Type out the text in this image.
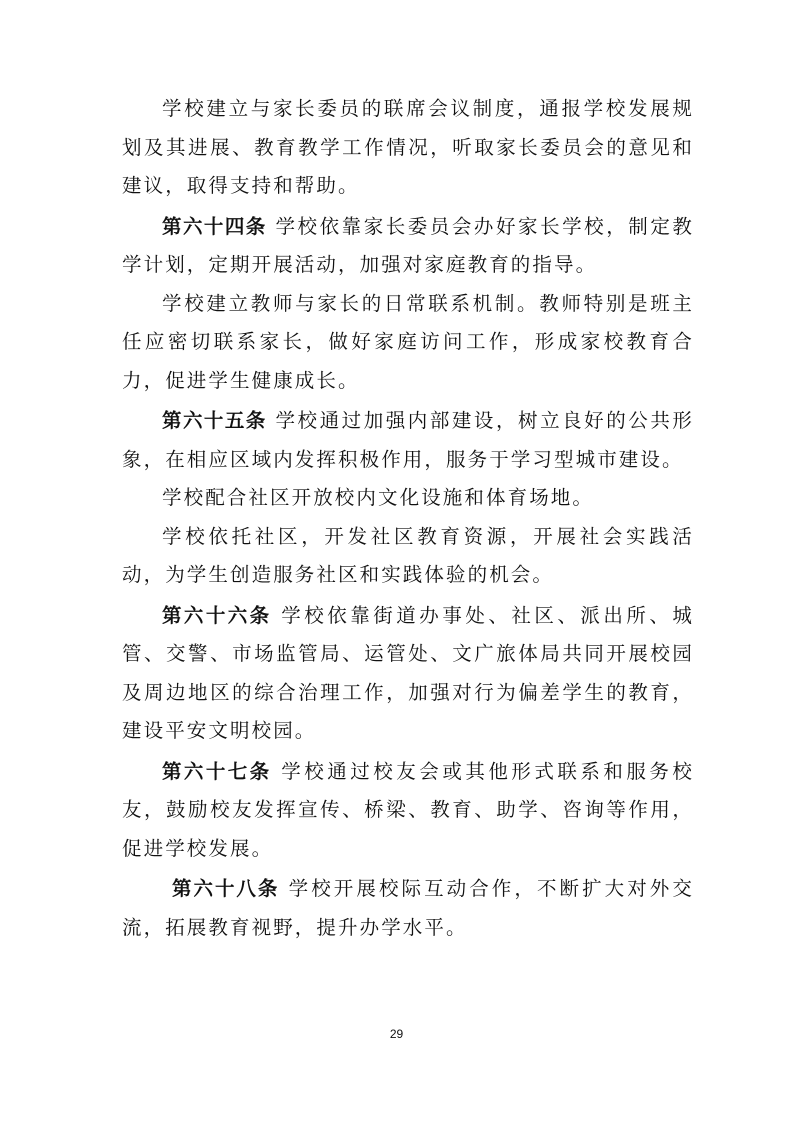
学校建立与家长委员的联席会议制度，通报学校发展规划及其进展、教育教学工作情况，听取家长委员会的意见和建议，取得支持和帮助。

第六十四条 学校依靠家长委员会办好家长学校，制定教学计划，定期开展活动，加强对家庭教育的指导。

学校建立教师与家长的日常联系机制。教师特别是班主任应密切联系家长，做好家庭访问工作，形成家校教育合力，促进学生健康成长。

第六十五条 学校通过加强内部建设，树立良好的公共形象，在相应区域内发挥积极作用，服务于学习型城市建设。

学校配合社区开放校内文化设施和体育场地。

学校依托社区，开发社区教育资源，开展社会实践活动，为学生创造服务社区和实践体验的机会。

第六十六条 学校依靠街道办事处、社区、派出所、城管、交警、市场监管局、运管处、文广旅体局共同开展校园及周边地区的综合治理工作，加强对行为偏差学生的教育，建设平安文明校园。

第六十七条 学校通过校友会或其他形式联系和服务校友，鼓励校友发挥宣传、桥梁、教育、助学、咨询等作用，促进学校发展。

第六十八条 学校开展校际互动合作，不断扩大对外交流，拓展教育视野，提升办学水平。

29
